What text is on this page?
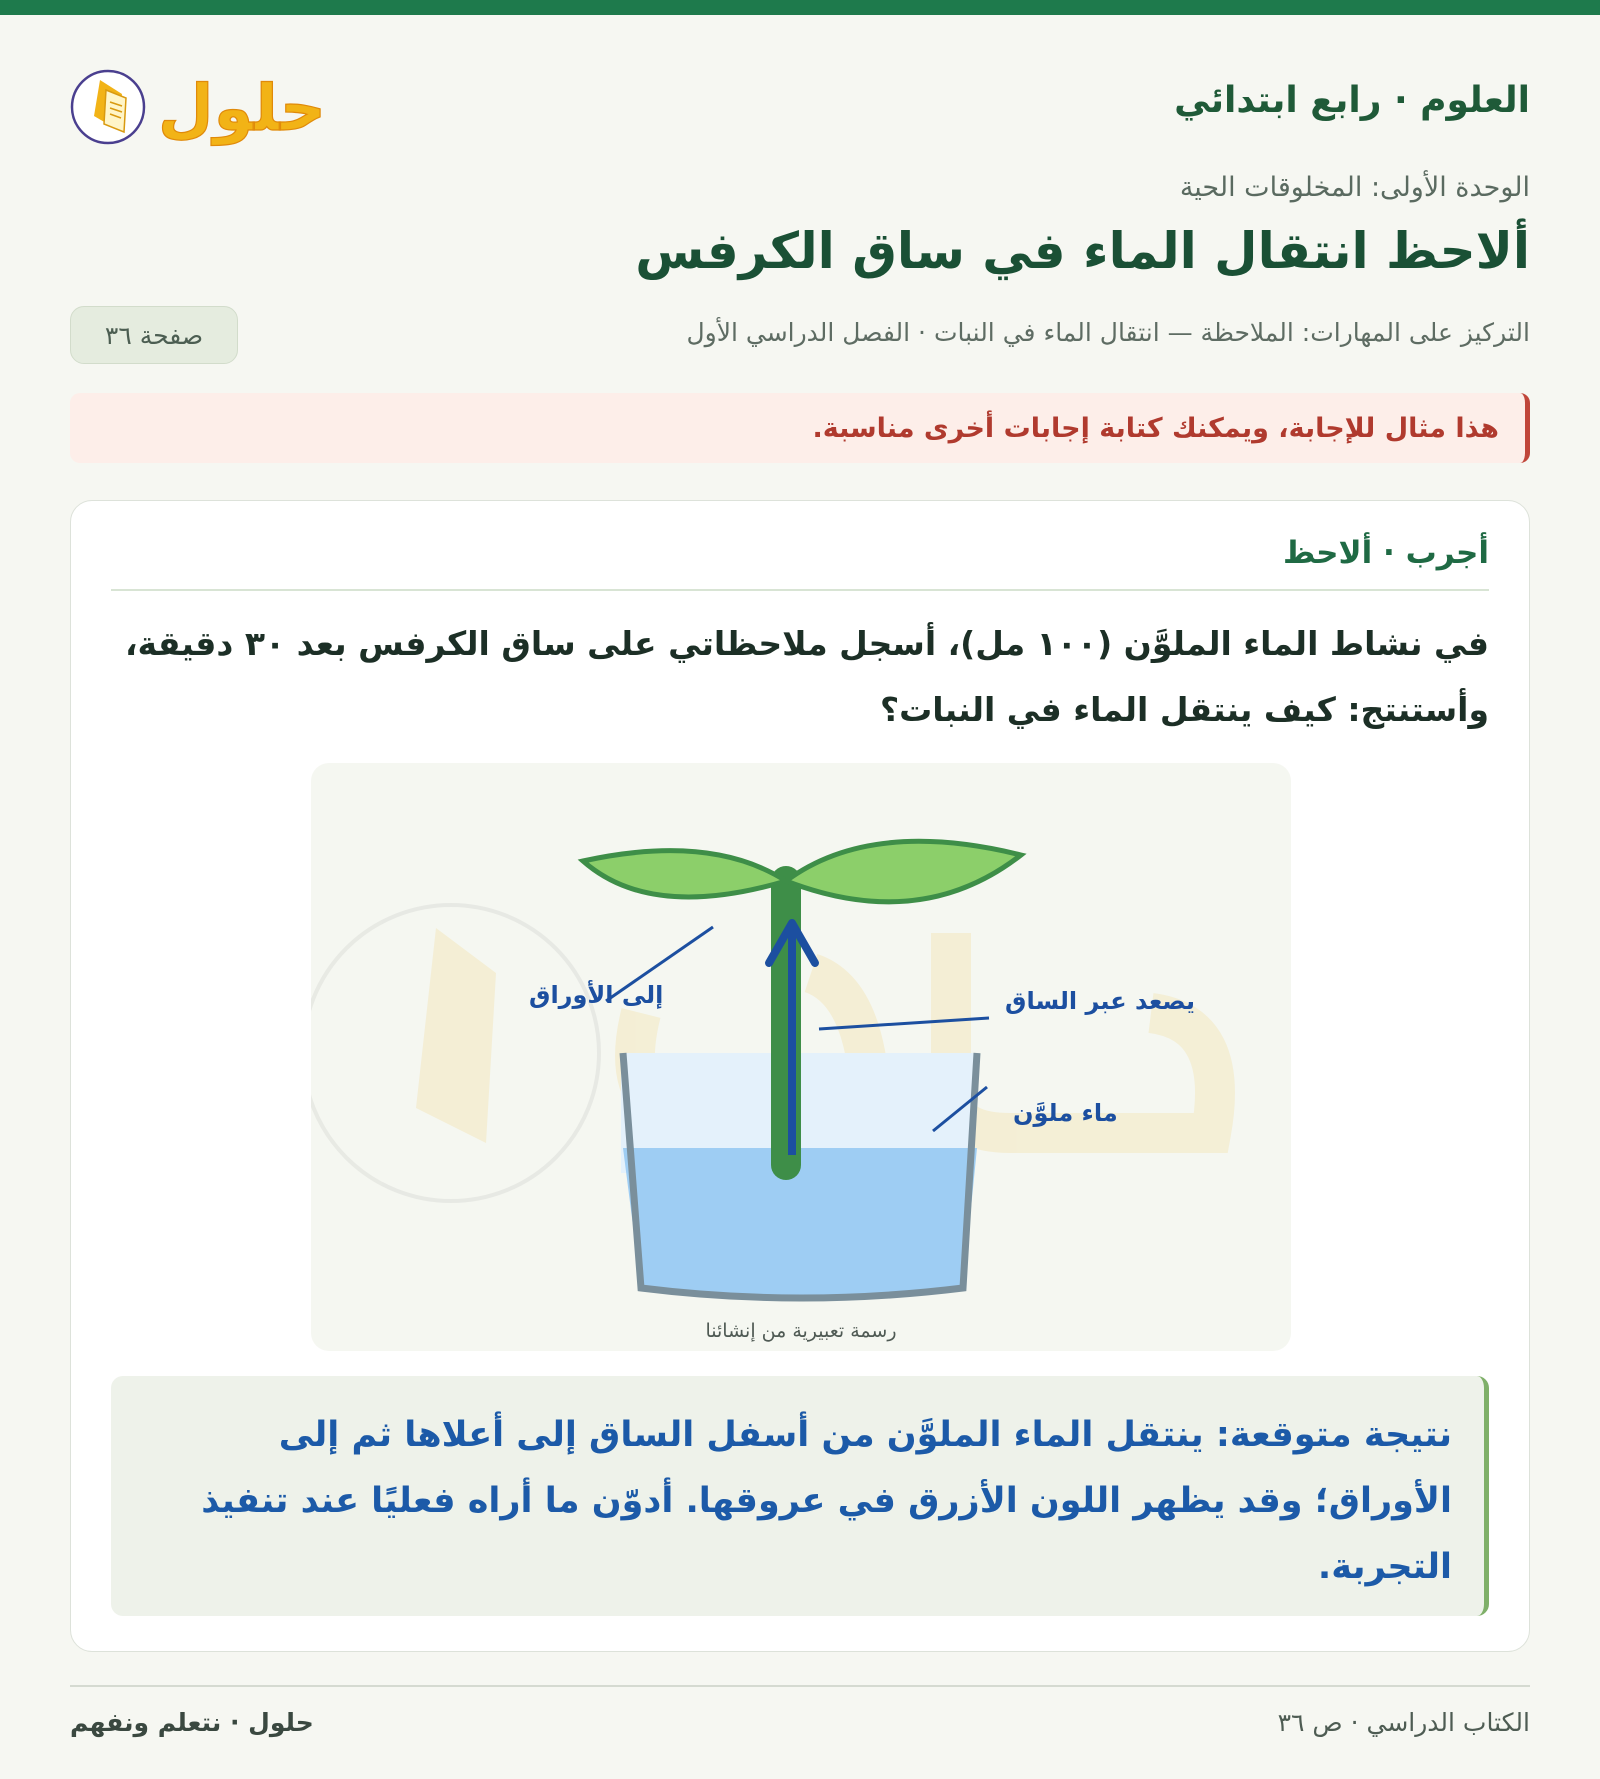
العلوم · رابع ابتدائي
حلول
الوحدة الأولى: المخلوقات الحية
ألاحظ انتقال الماء في ساق الكرفس
التركيز على المهارات: الملاحظة — انتقال الماء في النبات · الفصل الدراسي الأول
صفحة ٣٦
هذا مثال للإجابة، ويمكنك كتابة إجابات أخرى مناسبة.
أجرب · ألاحظ
في نشاط الماء الملوَّن (١٠٠ مل)، أسجل ملاحظاتي على ساق الكرفس بعد ٣٠ دقيقة، وأستنتج: كيف ينتقل الماء في النبات؟
إلى الأوراق	يصعد عبر الساق
ماء ملوَّن
رسمة تعبيرية من إنشائنا
نتيجة متوقعة: ينتقل الماء الملوَّن من أسفل الساق إلى أعلاها ثم إلى الأوراق؛ وقد يظهر اللون الأزرق في عروقها. أدوّن ما أراه فعليًا عند تنفيذ التجربة.
حلول · نتعلم ونفهم	الكتاب الدراسي · ص ٣٦
